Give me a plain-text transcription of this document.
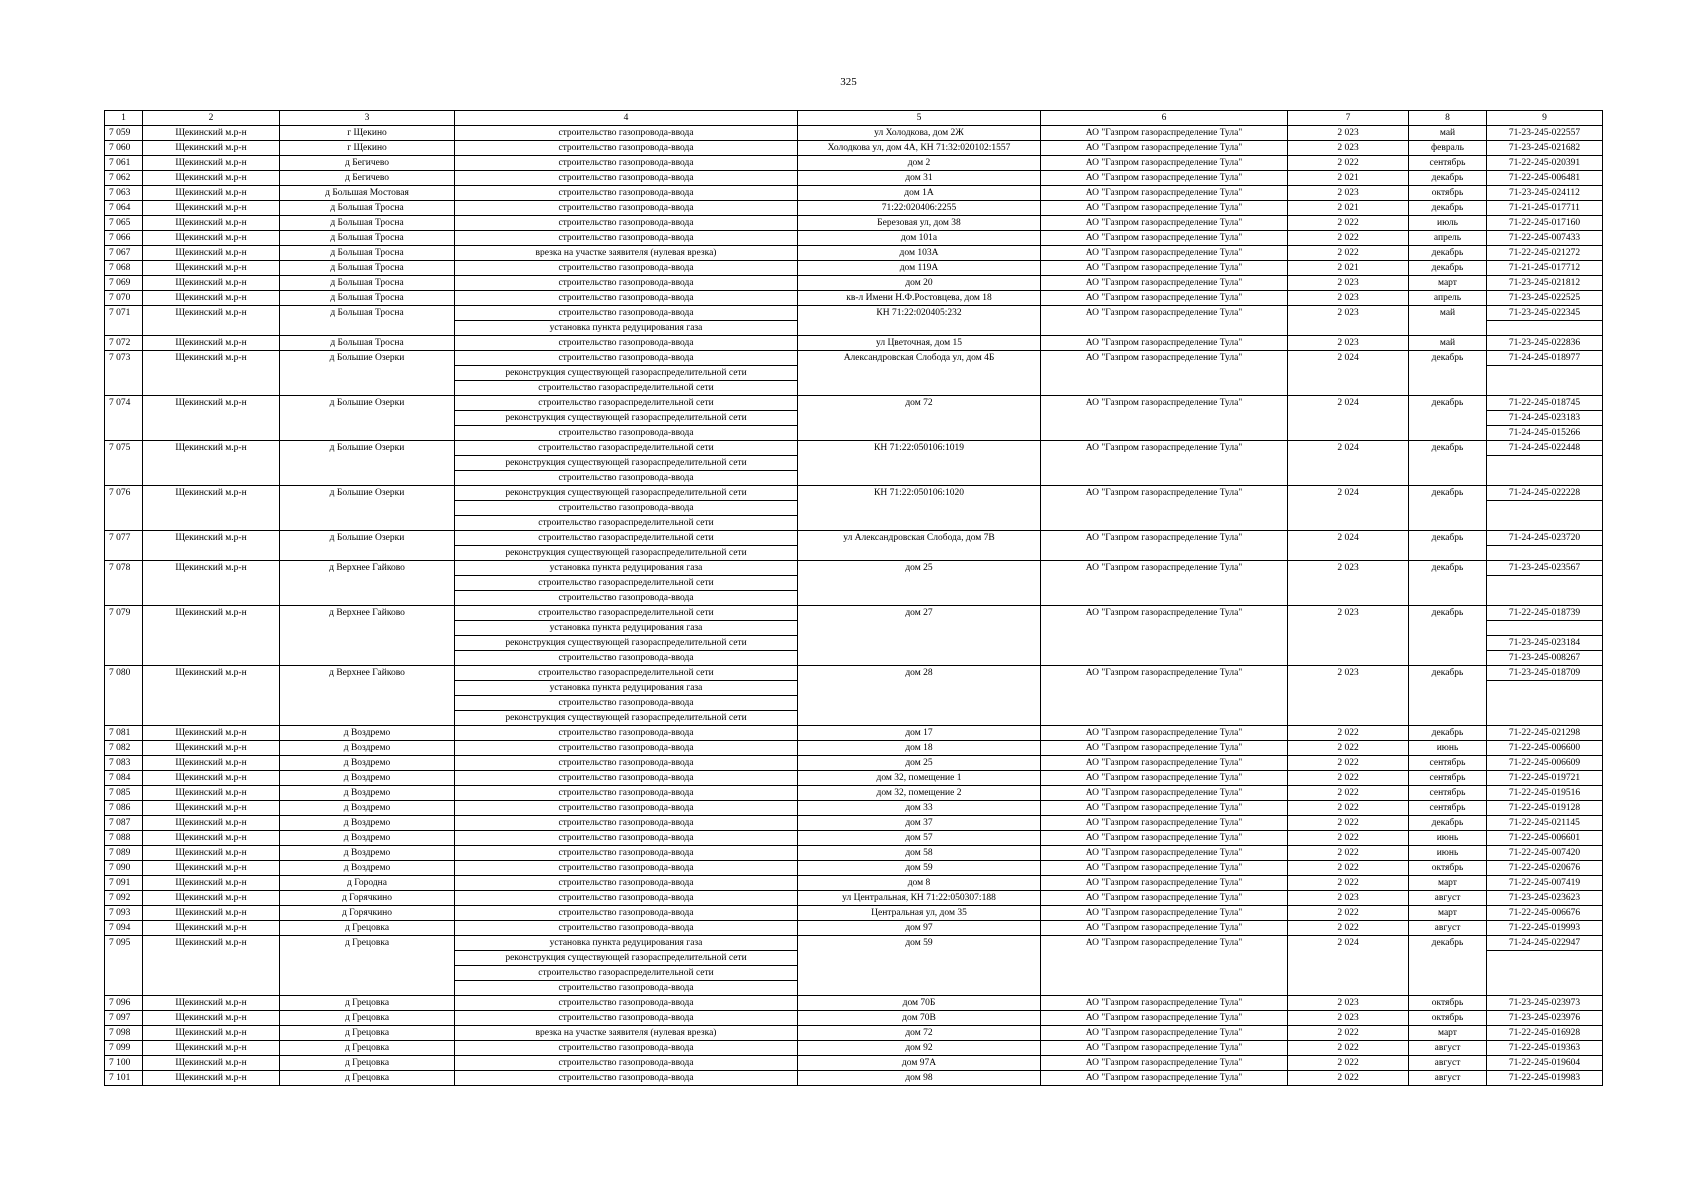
325
1	2	3	4	5	6	7	8	9
7 059	Щекинский м.р-н	г Щекино	строительство газопровода-ввода	ул Холодкова, дом 2Ж	АО "Газпром газораспределение Тула"	2 023	май	71-23-245-022557
7 060	Щекинский м.р-н	г Щекино	строительство газопровода-ввода	Холодкова ул, дом 4А, КН 71:32:020102:1557	АО "Газпром газораспределение Тула"	2 023	февраль	71-23-245-021682
7 061	Щекинский м.р-н	д Бегичево	строительство газопровода-ввода	дом 2	АО "Газпром газораспределение Тула"	2 022	сентябрь	71-22-245-020391
7 062	Щекинский м.р-н	д Бегичево	строительство газопровода-ввода	дом 31	АО "Газпром газораспределение Тула"	2 021	декабрь	71-22-245-006481
7 063	Щекинский м.р-н	д Большая Мостовая	строительство газопровода-ввода	дом 1А	АО "Газпром газораспределение Тула"	2 023	октябрь	71-23-245-024112
7 064	Щекинский м.р-н	д Большая Тросна	строительство газопровода-ввода	71:22:020406:2255	АО "Газпром газораспределение Тула"	2 021	декабрь	71-21-245-017711
7 065	Щекинский м.р-н	д Большая Тросна	строительство газопровода-ввода	Березовая ул, дом 38	АО "Газпром газораспределение Тула"	2 022	июль	71-22-245-017160
7 066	Щекинский м.р-н	д Большая Тросна	строительство газопровода-ввода	дом 101а	АО "Газпром газораспределение Тула"	2 022	апрель	71-22-245-007433
7 067	Щекинский м.р-н	д Большая Тросна	врезка на участке заявителя (нулевая врезка)	дом 103А	АО "Газпром газораспределение Тула"	2 022	декабрь	71-22-245-021272
7 068	Щекинский м.р-н	д Большая Тросна	строительство газопровода-ввода	дом 119А	АО "Газпром газораспределение Тула"	2 021	декабрь	71-21-245-017712
7 069	Щекинский м.р-н	д Большая Тросна	строительство газопровода-ввода	дом 20	АО "Газпром газораспределение Тула"	2 023	март	71-23-245-021812
7 070	Щекинский м.р-н	д Большая Тросна	строительство газопровода-ввода	кв-л Имени Н.Ф.Ростовцева, дом 18	АО "Газпром газораспределение Тула"	2 023	апрель	71-23-245-022525
7 071	Щекинский м.р-н	д Большая Тросна	строительство газопровода-ввода	КН 71:22:020405:232	АО "Газпром газораспределение Тула"	2 023	май	71-23-245-022345
			установка пункта редуцирования газа					
7 072	Щекинский м.р-н	д Большая Тросна	строительство газопровода-ввода	ул Цветочная, дом 15	АО "Газпром газораспределение Тула"	2 023	май	71-23-245-022836
7 073	Щекинский м.р-н	д Большие Озерки	строительство газопровода-ввода	Александровская Слобода ул, дом 4Б	АО "Газпром газораспределение Тула"	2 024	декабрь	71-24-245-018977
			реконструкция существующей газораспределительной сети					
			строительство газораспределительной сети					
7 074	Щекинский м.р-н	д Большие Озерки	строительство газораспределительной сети	дом 72	АО "Газпром газораспределение Тула"	2 024	декабрь	71-22-245-018745
			реконструкция существующей газораспределительной сети					71-24-245-023183
			строительство газопровода-ввода					71-24-245-015266
7 075	Щекинский м.р-н	д Большие Озерки	строительство газораспределительной сети	КН 71:22:050106:1019	АО "Газпром газораспределение Тула"	2 024	декабрь	71-24-245-022448
			реконструкция существующей газораспределительной сети					
			строительство газопровода-ввода					
7 076	Щекинский м.р-н	д Большие Озерки	реконструкция существующей газораспределительной сети	КН 71:22:050106:1020	АО "Газпром газораспределение Тула"	2 024	декабрь	71-24-245-022228
			строительство газопровода-ввода					
			строительство газораспределительной сети					
7 077	Щекинский м.р-н	д Большие Озерки	строительство газораспределительной сети	ул Александровская Слобода, дом 7В	АО "Газпром газораспределение Тула"	2 024	декабрь	71-24-245-023720
			реконструкция существующей газораспределительной сети					
7 078	Щекинский м.р-н	д Верхнее Гайково	установка пункта редуцирования газа	дом 25	АО "Газпром газораспределение Тула"	2 023	декабрь	71-23-245-023567
			строительство газораспределительной сети					
			строительство газопровода-ввода					
7 079	Щекинский м.р-н	д Верхнее Гайково	строительство газораспределительной сети	дом 27	АО "Газпром газораспределение Тула"	2 023	декабрь	71-22-245-018739
			установка пункта редуцирования газа					
			реконструкция существующей газораспределительной сети					71-23-245-023184
			строительство газопровода-ввода					71-23-245-008267
7 080	Щекинский м.р-н	д Верхнее Гайково	строительство газораспределительной сети	дом 28	АО "Газпром газораспределение Тула"	2 023	декабрь	71-23-245-018709
			установка пункта редуцирования газа					
			строительство газопровода-ввода					
			реконструкция существующей газораспределительной сети					
7 081	Щекинский м.р-н	д Воздремо	строительство газопровода-ввода	дом 17	АО "Газпром газораспределение Тула"	2 022	декабрь	71-22-245-021298
7 082	Щекинский м.р-н	д Воздремо	строительство газопровода-ввода	дом 18	АО "Газпром газораспределение Тула"	2 022	июнь	71-22-245-006600
7 083	Щекинский м.р-н	д Воздремо	строительство газопровода-ввода	дом 25	АО "Газпром газораспределение Тула"	2 022	сентябрь	71-22-245-006609
7 084	Щекинский м.р-н	д Воздремо	строительство газопровода-ввода	дом 32, помещение 1	АО "Газпром газораспределение Тула"	2 022	сентябрь	71-22-245-019721
7 085	Щекинский м.р-н	д Воздремо	строительство газопровода-ввода	дом 32, помещение 2	АО "Газпром газораспределение Тула"	2 022	сентябрь	71-22-245-019516
7 086	Щекинский м.р-н	д Воздремо	строительство газопровода-ввода	дом 33	АО "Газпром газораспределение Тула"	2 022	сентябрь	71-22-245-019128
7 087	Щекинский м.р-н	д Воздремо	строительство газопровода-ввода	дом 37	АО "Газпром газораспределение Тула"	2 022	декабрь	71-22-245-021145
7 088	Щекинский м.р-н	д Воздремо	строительство газопровода-ввода	дом 57	АО "Газпром газораспределение Тула"	2 022	июнь	71-22-245-006601
7 089	Щекинский м.р-н	д Воздремо	строительство газопровода-ввода	дом 58	АО "Газпром газораспределение Тула"	2 022	июнь	71-22-245-007420
7 090	Щекинский м.р-н	д Воздремо	строительство газопровода-ввода	дом 59	АО "Газпром газораспределение Тула"	2 022	октябрь	71-22-245-020676
7 091	Щекинский м.р-н	д Городна	строительство газопровода-ввода	дом 8	АО "Газпром газораспределение Тула"	2 022	март	71-22-245-007419
7 092	Щекинский м.р-н	д Горячкино	строительство газопровода-ввода	ул Центральная, КН 71:22:050307:188	АО "Газпром газораспределение Тула"	2 023	август	71-23-245-023623
7 093	Щекинский м.р-н	д Горячкино	строительство газопровода-ввода	Центральная ул, дом 35	АО "Газпром газораспределение Тула"	2 022	март	71-22-245-006676
7 094	Щекинский м.р-н	д Грецовка	строительство газопровода-ввода	дом 97	АО "Газпром газораспределение Тула"	2 022	август	71-22-245-019993
7 095	Щекинский м.р-н	д Грецовка	установка пункта редуцирования газа	дом 59	АО "Газпром газораспределение Тула"	2 024	декабрь	71-24-245-022947
			реконструкция существующей газораспределительной сети					
			строительство газораспределительной сети					
			строительство газопровода-ввода					
7 096	Щекинский м.р-н	д Грецовка	строительство газопровода-ввода	дом 70Б	АО "Газпром газораспределение Тула"	2 023	октябрь	71-23-245-023973
7 097	Щекинский м.р-н	д Грецовка	строительство газопровода-ввода	дом 70В	АО "Газпром газораспределение Тула"	2 023	октябрь	71-23-245-023976
7 098	Щекинский м.р-н	д Грецовка	врезка на участке заявителя (нулевая врезка)	дом 72	АО "Газпром газораспределение Тула"	2 022	март	71-22-245-016928
7 099	Щекинский м.р-н	д Грецовка	строительство газопровода-ввода	дом 92	АО "Газпром газораспределение Тула"	2 022	август	71-22-245-019363
7 100	Щекинский м.р-н	д Грецовка	строительство газопровода-ввода	дом 97А	АО "Газпром газораспределение Тула"	2 022	август	71-22-245-019604
7 101	Щекинский м.р-н	д Грецовка	строительство газопровода-ввода	дом 98	АО "Газпром газораспределение Тула"	2 022	август	71-22-245-019983
